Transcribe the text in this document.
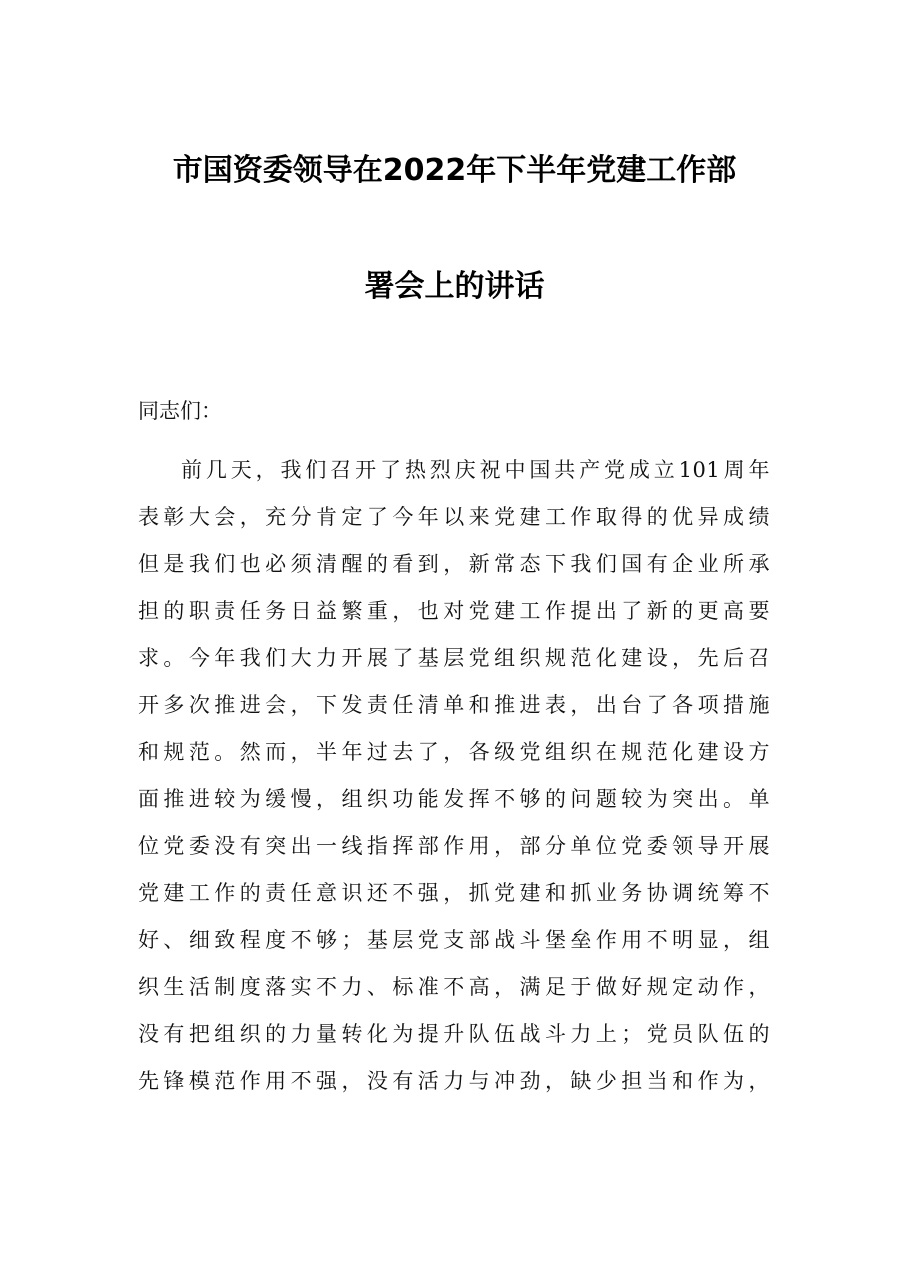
市国资委领导在2022年下半年党建工作部
署会上的讲话
同志们：
前几天，我们召开了热烈庆祝中国共产党成立101周年
表彰大会，充分肯定了今年以来党建工作取得的优异成绩
但是我们也必须清醒的看到，新常态下我们国有企业所承
担的职责任务日益繁重，也对党建工作提出了新的更高要
求。今年我们大力开展了基层党组织规范化建设，先后召
开多次推进会，下发责任清单和推进表，出台了各项措施
和规范。然而，半年过去了，各级党组织在规范化建设方
面推进较为缓慢，组织功能发挥不够的问题较为突出。单
位党委没有突出一线指挥部作用，部分单位党委领导开展
党建工作的责任意识还不强，抓党建和抓业务协调统筹不
好、细致程度不够；基层党支部战斗堡垒作用不明显，组
织生活制度落实不力、标准不高，满足于做好规定动作，
没有把组织的力量转化为提升队伍战斗力上；党员队伍的
先锋模范作用不强，没有活力与冲劲，缺少担当和作为，
